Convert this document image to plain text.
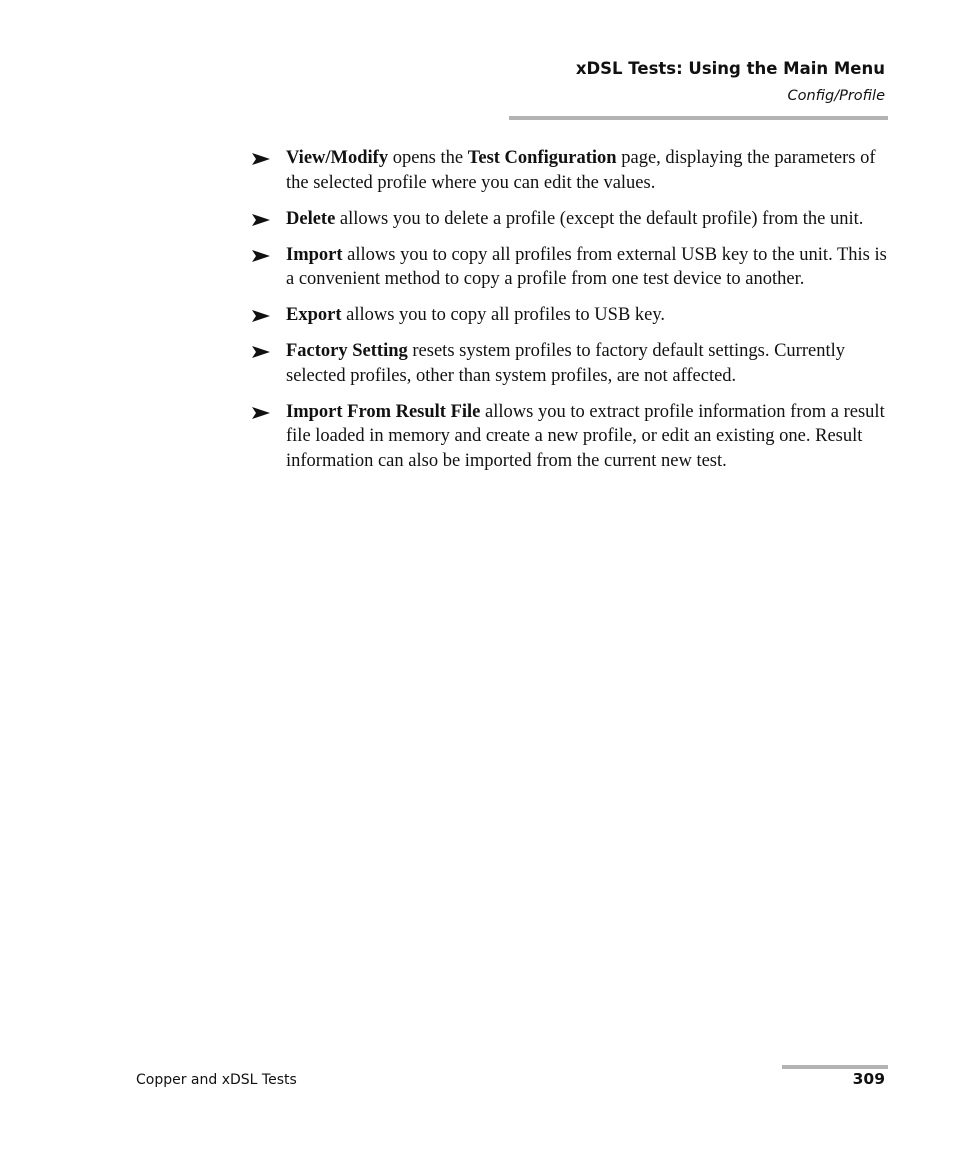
xDSL Tests: Using the Main Menu
Config/Profile
View/Modify opens the Test Configuration page, displaying the parameters of the selected profile where you can edit the values.
Delete allows you to delete a profile (except the default profile) from the unit.
Import allows you to copy all profiles from external USB key to the unit. This is a convenient method to copy a profile from one test device to another.
Export allows you to copy all profiles to USB key.
Factory Setting resets system profiles to factory default settings. Currently selected profiles, other than system profiles, are not affected.
Import From Result File allows you to extract profile information from a result file loaded in memory and create a new profile, or edit an existing one. Result information can also be imported from the current new test.
Copper and xDSL Tests	309
